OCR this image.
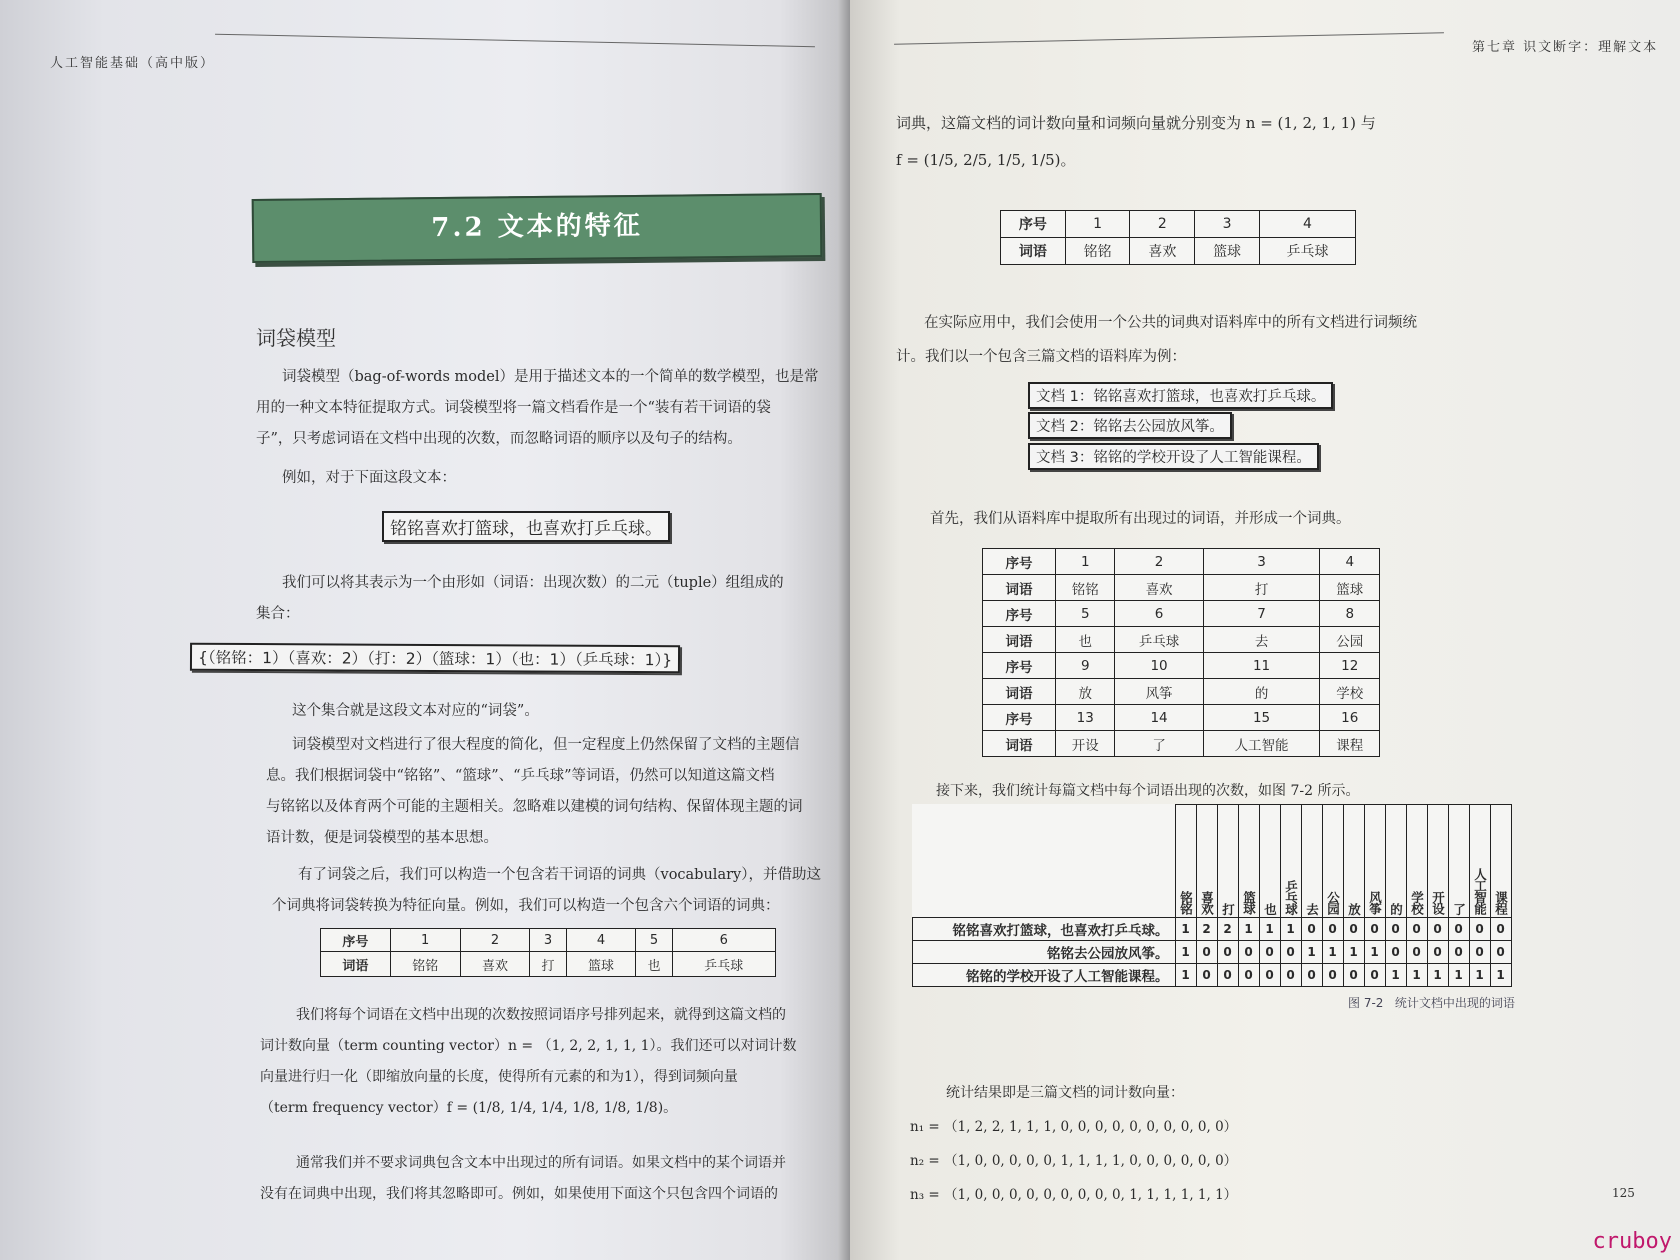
人工智能基础（高中版）
7.2 文本的特征
词袋模型
词袋模型（bag-of-words model）是用于描述文本的一个简单的数学模型，也是常
用的一种文本特征提取方式。词袋模型将一篇文档看作是一个“装有若干词语的袋
子”，只考虑词语在文档中出现的次数，而忽略词语的顺序以及句子的结构。
例如，对于下面这段文本：
铭铭喜欢打篮球，也喜欢打乒乓球。
我们可以将其表示为一个由形如（词语：出现次数）的二元（tuple）组组成的
集合：
{（铭铭：1）（喜欢：2）（打：2）（篮球：1）（也：1）（乒乓球：1）}
这个集合就是这段文本对应的“词袋”。
词袋模型对文档进行了很大程度的简化，但一定程度上仍然保留了文档的主题信
息。我们根据词袋中“铭铭”、“篮球”、“乒乓球”等词语，仍然可以知道这篇文档
与铭铭以及体育两个可能的主题相关。忽略难以建模的词句结构、保留体现主题的词
语计数，便是词袋模型的基本思想。
有了词袋之后，我们可以构造一个包含若干词语的词典（vocabulary），并借助这
个词典将词袋转换为特征向量。例如，我们可以构造一个包含六个词语的词典：
序号	1	2	3	4	5	6
词语	铭铭	喜欢	打	篮球	也	乒乓球
我们将每个词语在文档中出现的次数按照词语序号排列起来，就得到这篇文档的
词计数向量（term counting vector）n = （1, 2, 2, 1, 1, 1）。我们还可以对词计数
向量进行归一化（即缩放向量的长度，使得所有元素的和为1），得到词频向量
（term frequency vector）f = (1/8, 1/4, 1/4, 1/8, 1/8, 1/8)。
通常我们并不要求词典包含文本中出现过的所有词语。如果文档中的某个词语并
没有在词典中出现，我们将其忽略即可。例如，如果使用下面这个只包含四个词语的
第七章 识文断字：理解文本
词典，这篇文档的词计数向量和词频向量就分别变为 n = (1, 2, 1, 1) 与
f = (1/5, 2/5, 1/5, 1/5)。
序号	1	2	3	4
词语	铭铭	喜欢	篮球	乒乓球
在实际应用中，我们会使用一个公共的词典对语料库中的所有文档进行词频统
计。我们以一个包含三篇文档的语料库为例：
文档 1：铭铭喜欢打篮球，也喜欢打乒乓球。
文档 2：铭铭去公园放风筝。
文档 3：铭铭的学校开设了人工智能课程。
首先，我们从语料库中提取所有出现过的词语，并形成一个词典。
序号	1	2	3	4
词语	铭铭	喜欢	打	篮球
序号	5	6	7	8
词语	也	乒乓球	去	公园
序号	9	10	11	12
词语	放	风筝	的	学校
序号	13	14	15	16
词语	开设	了	人工智能	课程
接下来，我们统计每篇文档中每个词语出现的次数，如图 7-2 所示。
	铭铭	喜欢	打	篮球	也	乒乓球	去	公园	放	风筝	的	学校	开设	了	人工智能	课程
铭铭喜欢打篮球，也喜欢打乒乓球。	1	2	2	1	1	1	0	0	0	0	0	0	0	0	0	0
铭铭去公园放风筝。	1	0	0	0	0	0	1	1	1	1	0	0	0	0	0	0
铭铭的学校开设了人工智能课程。	1	0	0	0	0	0	0	0	0	0	1	1	1	1	1	1
图 7-2 统计文档中出现的词语
统计结果即是三篇文档的词计数向量：
n₁ = （1, 2, 2, 1, 1, 1, 0, 0, 0, 0, 0, 0, 0, 0, 0, 0）
n₂ = （1, 0, 0, 0, 0, 0, 1, 1, 1, 1, 0, 0, 0, 0, 0, 0）
n₃ = （1, 0, 0, 0, 0, 0, 0, 0, 0, 0, 1, 1, 1, 1, 1, 1）	125
cruboy
